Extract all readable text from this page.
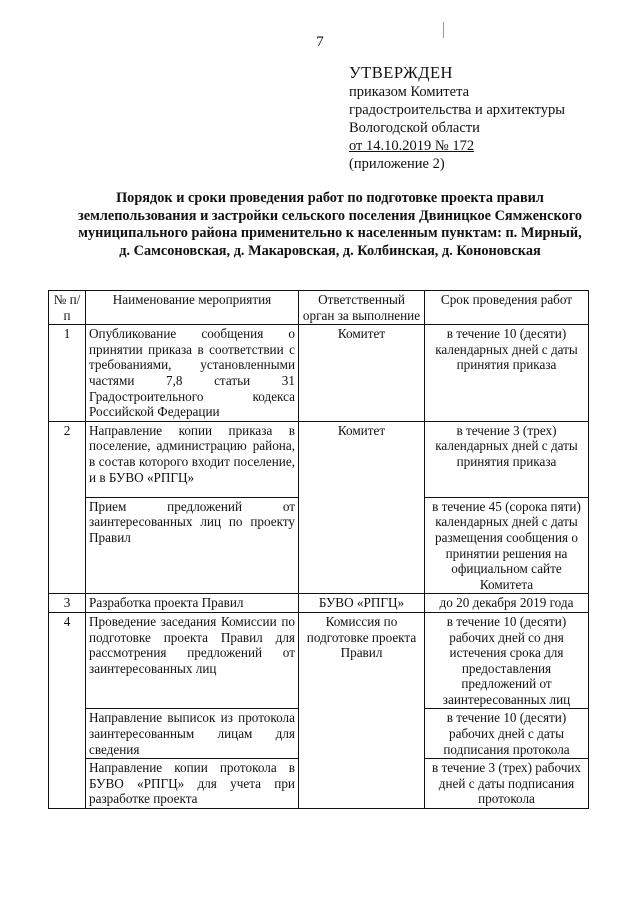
7
УТВЕРЖДЕН
приказом Комитета
градостроительства и архитектуры
Вологодской области
от 14.10.2019 № 172
(приложение 2)
Порядок и сроки проведения работ по подготовке проекта правил землепользования и застройки сельского поселения Двиницкое Сямженского муниципального района применительно к населенным пунктам: п. Мирный, д. Самсоновская, д. Макаровская, д. Колбинская, д. Кононовская
№ п/п	Наименование мероприятия	Ответственный орган за выполнение	Срок проведения работ
1	Опубликование сообщения о принятии приказа в соответствии с требованиями, установленными частями 7,8 статьи 31 Градостроительного кодекса Российской Федерации	Комитет	в течение 10 (десяти) календарных дней с даты принятия приказа
2	Направление копии приказа в поселение, администрацию района, в состав которого входит поселение, и в БУВО «РПГЦ»	Комитет	в течение 3 (трех) календарных дней с даты принятия приказа
	Прием предложений от заинтересованных лиц по проекту Правил		в течение 45 (сорока пяти) календарных дней с даты размещения сообщения о принятии решения на официальном сайте Комитета
3	Разработка проекта Правил	БУВО «РПГЦ»	до 20 декабря 2019 года
4	Проведение заседания Комиссии по подготовке проекта Правил для рассмотрения предложений от заинтересованных лиц	Комиссия по подготовке проекта Правил	в течение 10 (десяти) рабочих дней со дня истечения срока для предоставления предложений от заинтересованных лиц
	Направление выписок из протокола заинтересованным лицам для сведения		в течение 10 (десяти) рабочих дней с даты подписания протокола
	Направление копии протокола в БУВО «РПГЦ» для учета при разработке проекта		в течение 3 (трех) рабочих дней с даты подписания протокола
